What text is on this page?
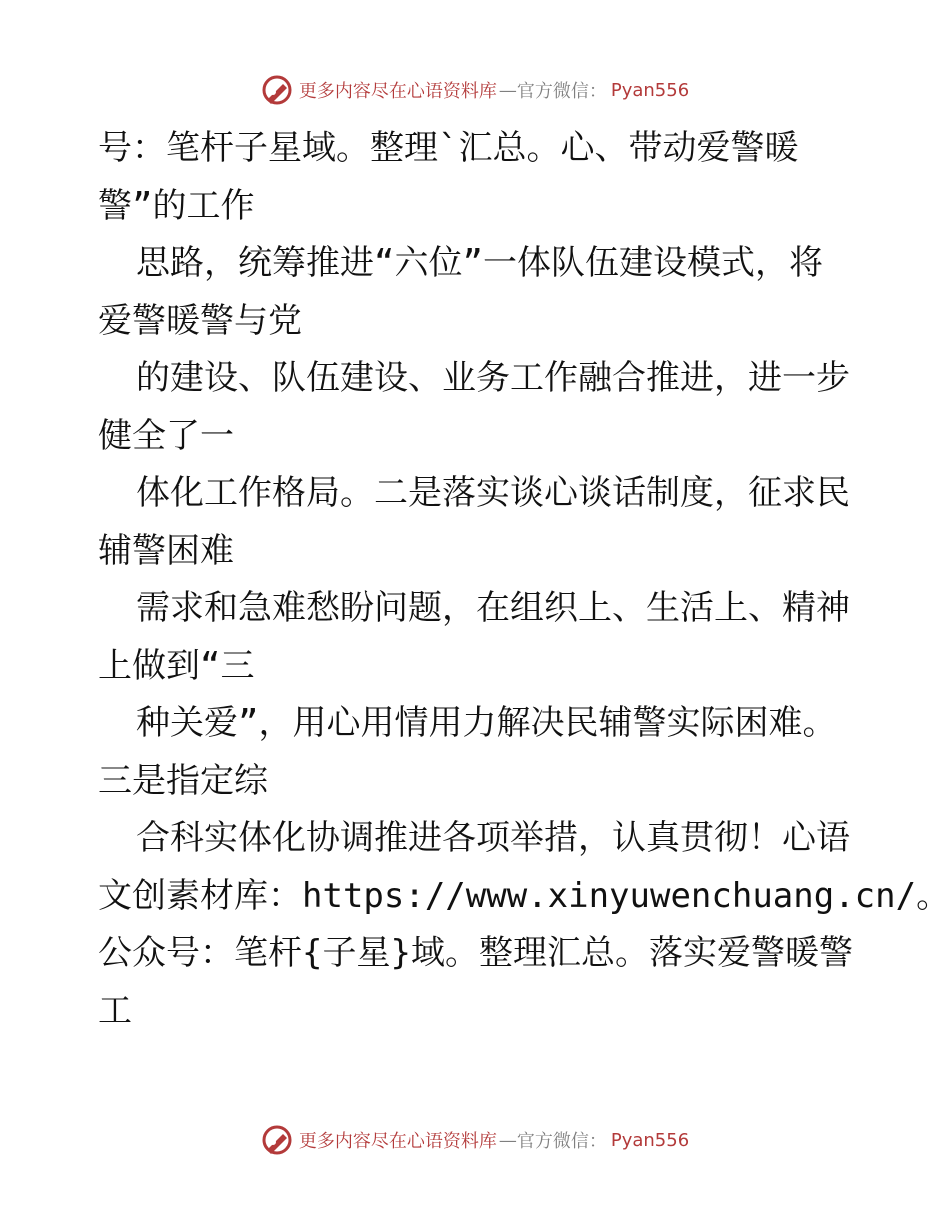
更多内容尽在心语资料库 — 官方微信： Pyan556
号：笔杆子星域。整理`汇总。心、带动爱警暖
警”的工作
思路，统筹推进“六位”一体队伍建设模式，将
爱警暖警与党
的建设、队伍建设、业务工作融合推进，进一步
健全了一
体化工作格局。二是落实谈心谈话制度，征求民
辅警困难
需求和急难愁盼问题，在组织上、生活上、精神
上做到“三
种关爱”，用心用情用力解决民辅警实际困难。
三是指定综
合科实体化协调推进各项举措，认真贯彻！心语
文创素材库：https://www.xinyuwenchuang.cn/。
公众号：笔杆{子星}域。整理汇总。落实爱警暖警
工
更多内容尽在心语资料库 — 官方微信： Pyan556
